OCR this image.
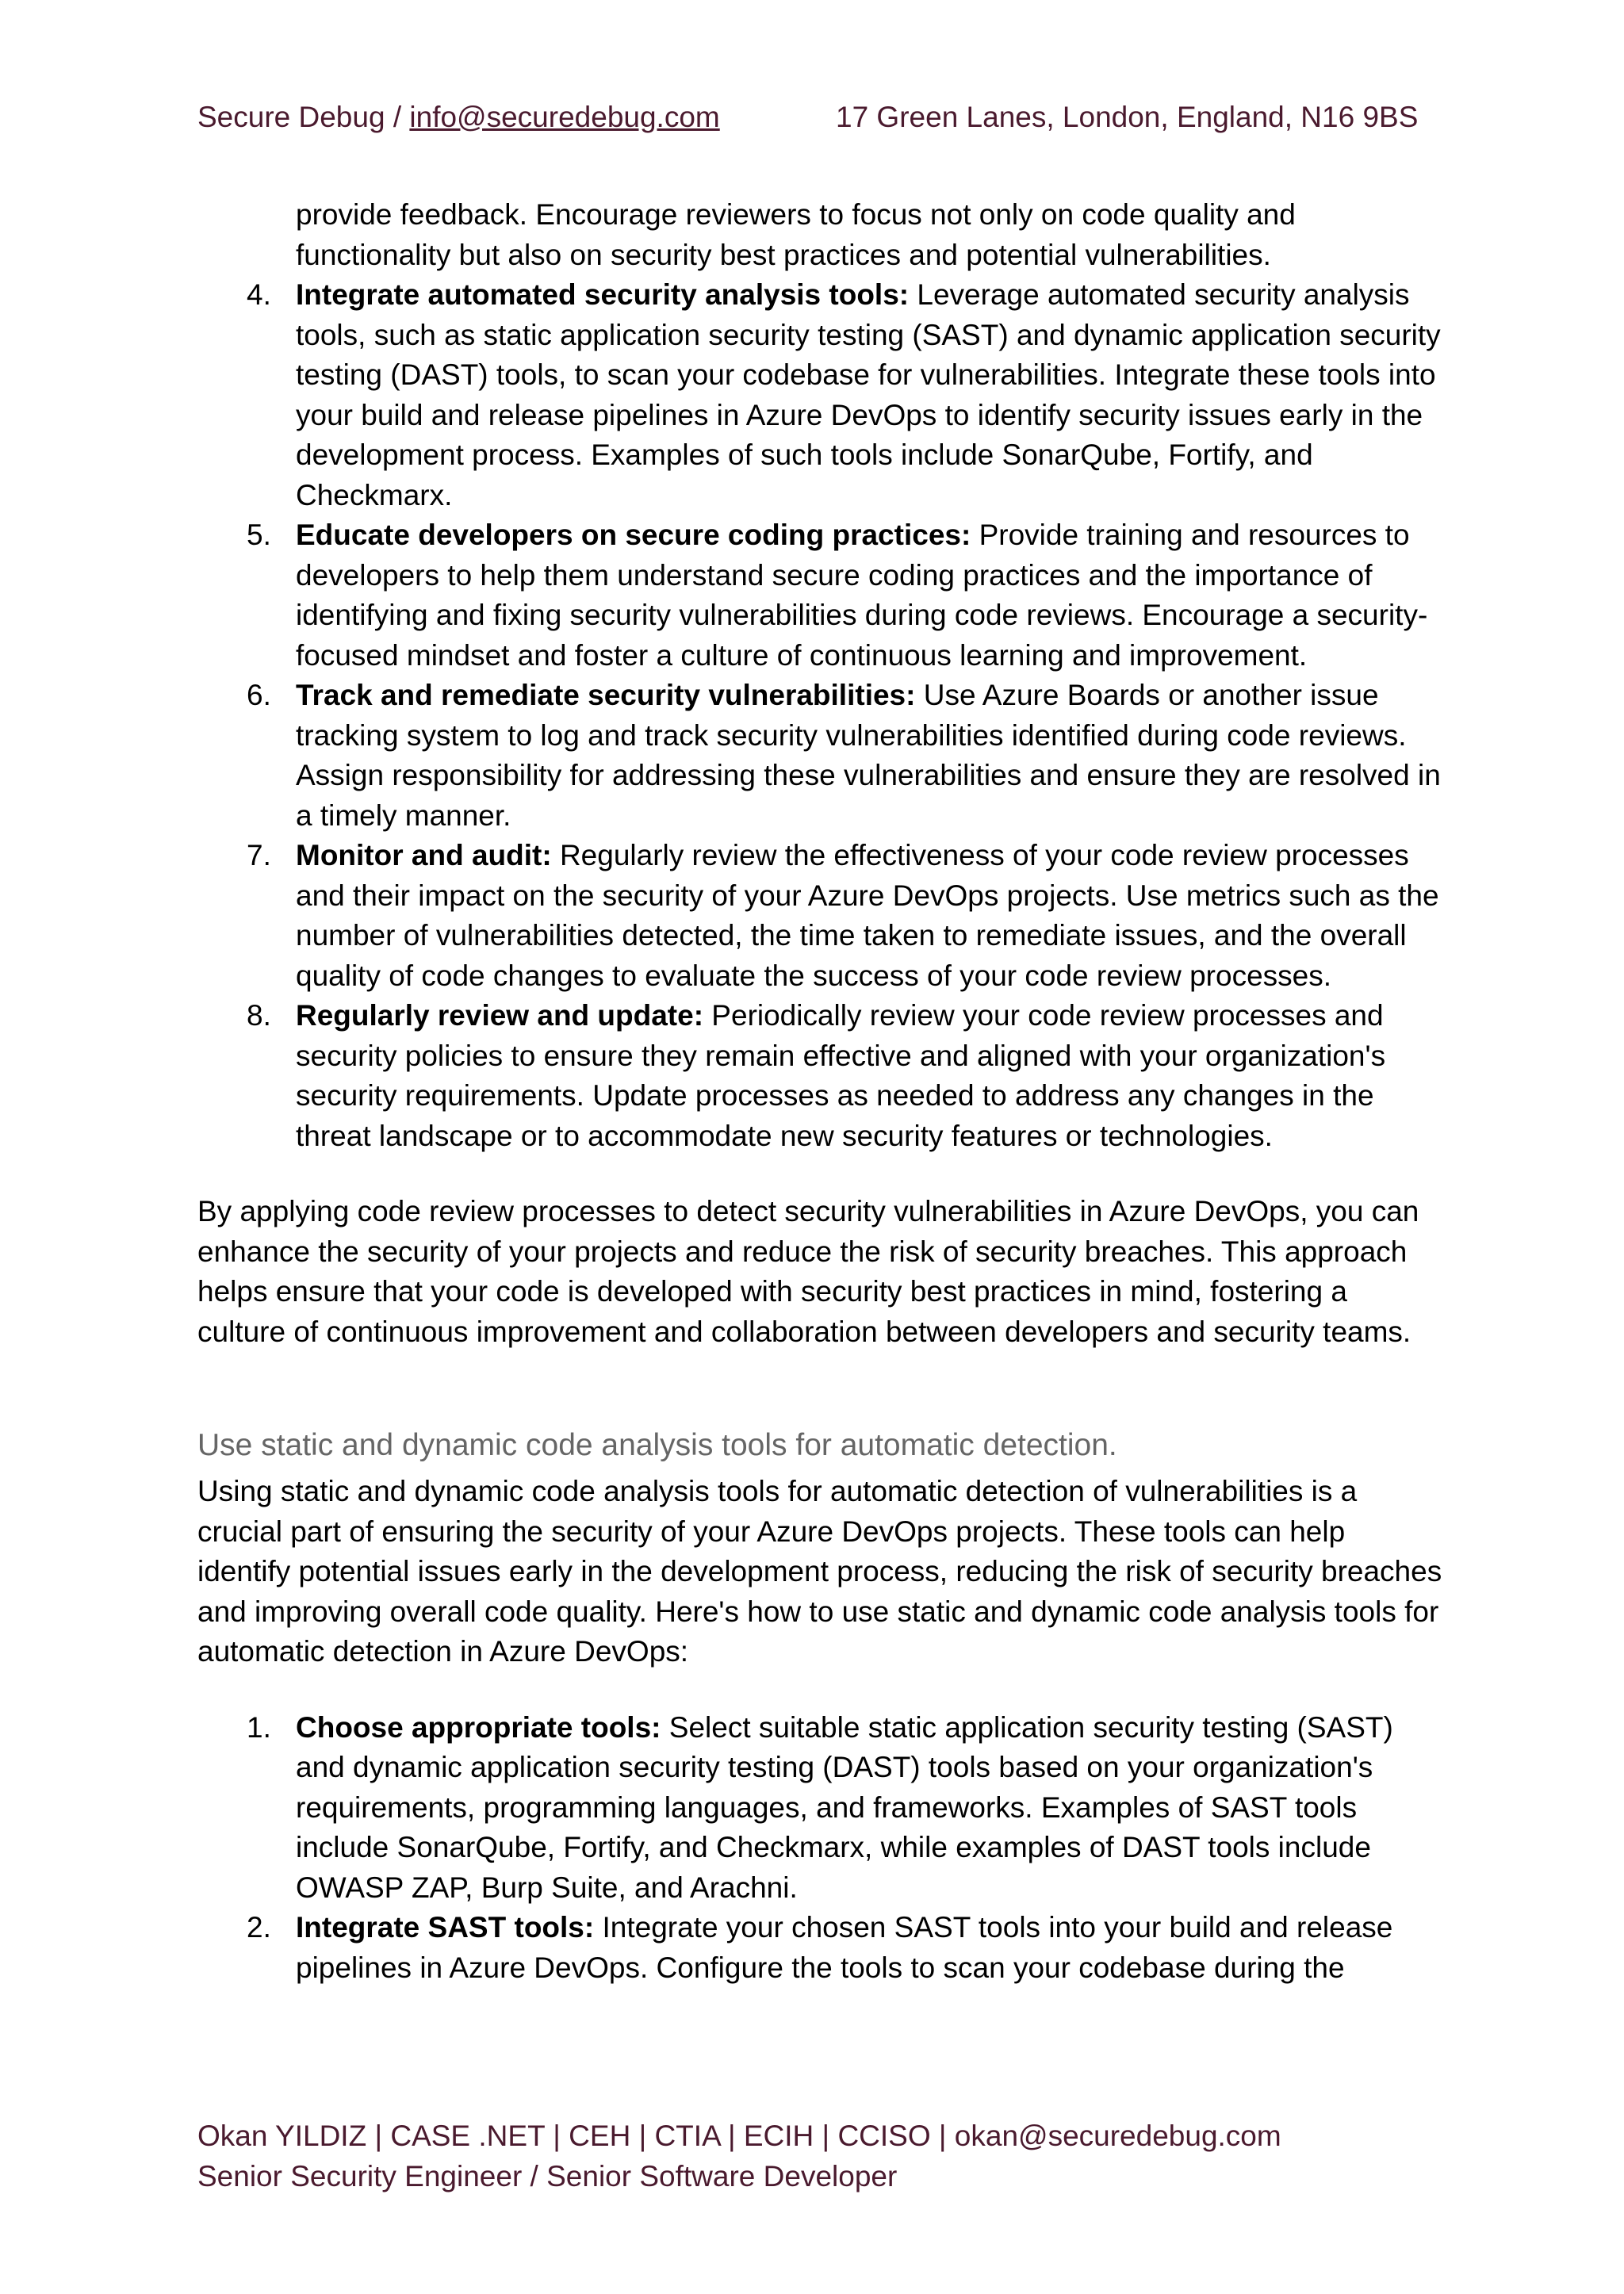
Secure Debug / info@securedebug.com	17 Green Lanes, London, England, N16 9BS

provide feedback. Encourage reviewers to focus not only on code quality and functionality but also on security best practices and potential vulnerabilities.

4. Integrate automated security analysis tools: Leverage automated security analysis tools, such as static application security testing (SAST) and dynamic application security testing (DAST) tools, to scan your codebase for vulnerabilities. Integrate these tools into your build and release pipelines in Azure DevOps to identify security issues early in the development process. Examples of such tools include SonarQube, Fortify, and Checkmarx.
5. Educate developers on secure coding practices: Provide training and resources to developers to help them understand secure coding practices and the importance of identifying and fixing security vulnerabilities during code reviews. Encourage a security-focused mindset and foster a culture of continuous learning and improvement.
6. Track and remediate security vulnerabilities: Use Azure Boards or another issue tracking system to log and track security vulnerabilities identified during code reviews. Assign responsibility for addressing these vulnerabilities and ensure they are resolved in a timely manner.
7. Monitor and audit: Regularly review the effectiveness of your code review processes and their impact on the security of your Azure DevOps projects. Use metrics such as the number of vulnerabilities detected, the time taken to remediate issues, and the overall quality of code changes to evaluate the success of your code review processes.
8. Regularly review and update: Periodically review your code review processes and security policies to ensure they remain effective and aligned with your organization's security requirements. Update processes as needed to address any changes in the threat landscape or to accommodate new security features or technologies.

By applying code review processes to detect security vulnerabilities in Azure DevOps, you can enhance the security of your projects and reduce the risk of security breaches. This approach helps ensure that your code is developed with security best practices in mind, fostering a culture of continuous improvement and collaboration between developers and security teams.

Use static and dynamic code analysis tools for automatic detection.

Using static and dynamic code analysis tools for automatic detection of vulnerabilities is a crucial part of ensuring the security of your Azure DevOps projects. These tools can help identify potential issues early in the development process, reducing the risk of security breaches and improving overall code quality. Here's how to use static and dynamic code analysis tools for automatic detection in Azure DevOps:

1. Choose appropriate tools: Select suitable static application security testing (SAST) and dynamic application security testing (DAST) tools based on your organization's requirements, programming languages, and frameworks. Examples of SAST tools include SonarQube, Fortify, and Checkmarx, while examples of DAST tools include OWASP ZAP, Burp Suite, and Arachni.
2. Integrate SAST tools: Integrate your chosen SAST tools into your build and release pipelines in Azure DevOps. Configure the tools to scan your codebase during the
Okan YILDIZ | CASE .NET | CEH | CTIA | ECIH | CCISO | okan@securedebug.com
Senior Security Engineer / Senior Software Developer
